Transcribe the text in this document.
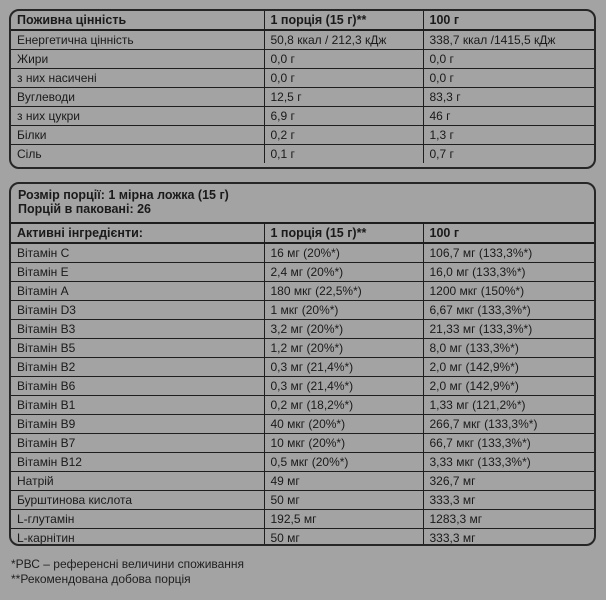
Поживна цінність	1 порція (15 г)**	100 г
Енергетична цінність	50,8 ккал / 212,3 кДж	338,7 ккал /1415,5 кДж
Жири	0,0 г	0,0 г
з них насичені	0,0 г	0,0 г
Вуглеводи	12,5 г	83,3 г
з них цукри	6,9 г	46 г
Білки	0,2 г	1,3 г
Сіль	0,1 г	0,7 г
Розмір порції: 1 мірна ложка (15 г)
Порцій в паковані: 26
Активні інгредієнти:	1 порція (15 г)**	100 г
Вітамін C	16 мг (20%*)	106,7 мг (133,3%*)
Вітамін E	2,4 мг (20%*)	16,0 мг (133,3%*)
Вітамін A	180 мкг (22,5%*)	1200 мкг (150%*)
Вітамін D3	1 мкг (20%*)	6,67 мкг (133,3%*)
Вітамін B3	3,2 мг (20%*)	21,33 мг (133,3%*)
Вітамін B5	1,2 мг (20%*)	8,0 мг (133,3%*)
Вітамін B2	0,3 мг (21,4%*)	2,0 мг (142,9%*)
Вітамін B6	0,3 мг (21,4%*)	2,0 мг (142,9%*)
Вітамін B1	0,2 мг (18,2%*)	1,33 мг (121,2%*)
Вітамін B9	40 мкг (20%*)	266,7 мкг (133,3%*)
Вітамін B7	10 мкг (20%*)	66,7 мкг (133,3%*)
Вітамін B12	0,5 мкг (20%*)	3,33 мкг (133,3%*)
Натрій	49 мг	326,7 мг
Бурштинова кислота	50 мг	333,3 мг
L-глутамін	192,5 мг	1283,3 мг
L-карнітин	50 мг	333,3 мг
*РВС – референсні величини споживання
**Рекомендована добова порція
